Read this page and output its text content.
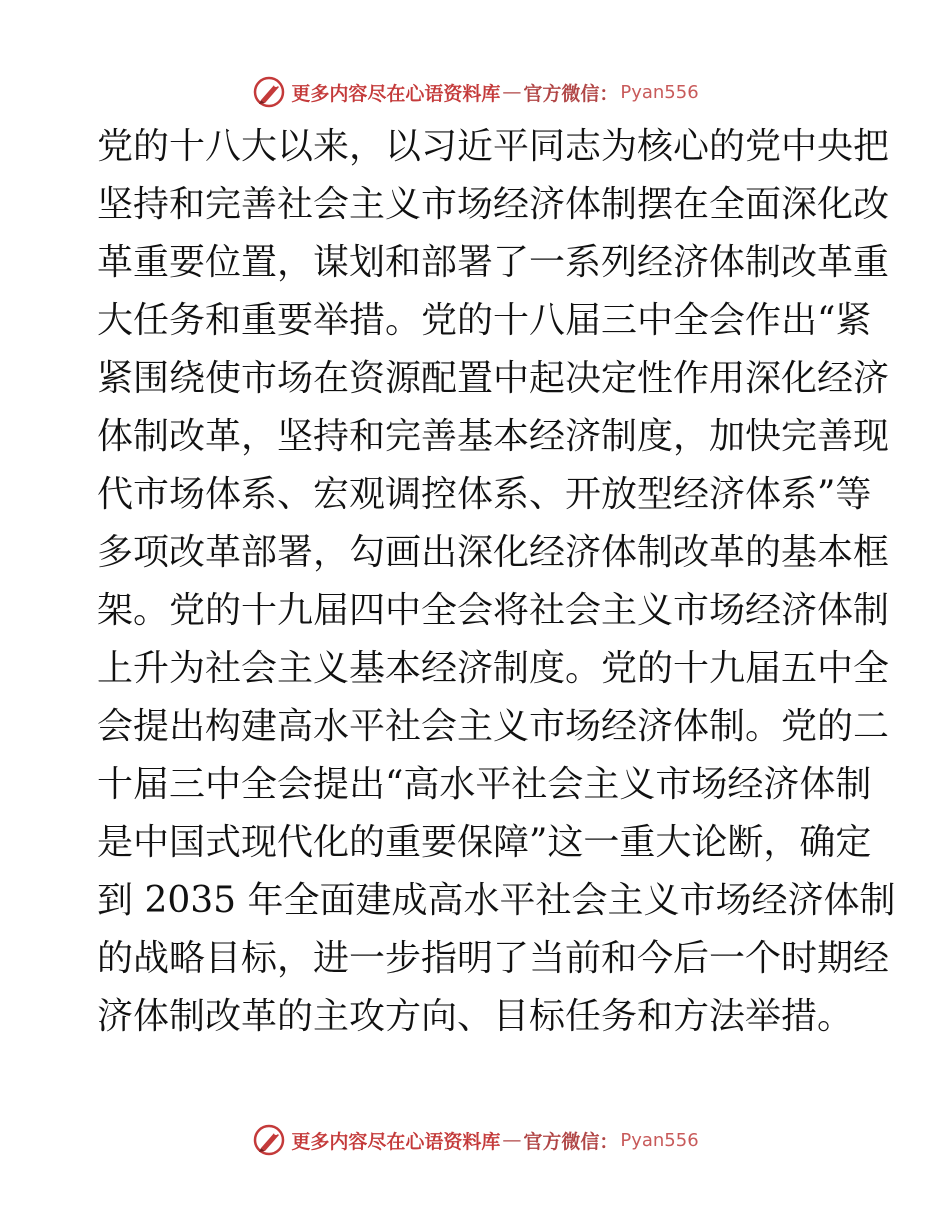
更多内容尽在心语资料库 — 官方微信： Pyan556
党的十八大以来，以习近平同志为核心的党中央把
坚持和完善社会主义市场经济体制摆在全面深化改
革重要位置，谋划和部署了一系列经济体制改革重
大任务和重要举措。党的十八届三中全会作出“紧
紧围绕使市场在资源配置中起决定性作用深化经济
体制改革，坚持和完善基本经济制度，加快完善现
代市场体系、宏观调控体系、开放型经济体系”等
多项改革部署，勾画出深化经济体制改革的基本框
架。党的十九届四中全会将社会主义市场经济体制
上升为社会主义基本经济制度。党的十九届五中全
会提出构建高水平社会主义市场经济体制。党的二
十届三中全会提出“高水平社会主义市场经济体制
是中国式现代化的重要保障”这一重大论断，确定
到 2035 年全面建成高水平社会主义市场经济体制
的战略目标，进一步指明了当前和今后一个时期经
济体制改革的主攻方向、目标任务和方法举措。
更多内容尽在心语资料库 — 官方微信： Pyan556
